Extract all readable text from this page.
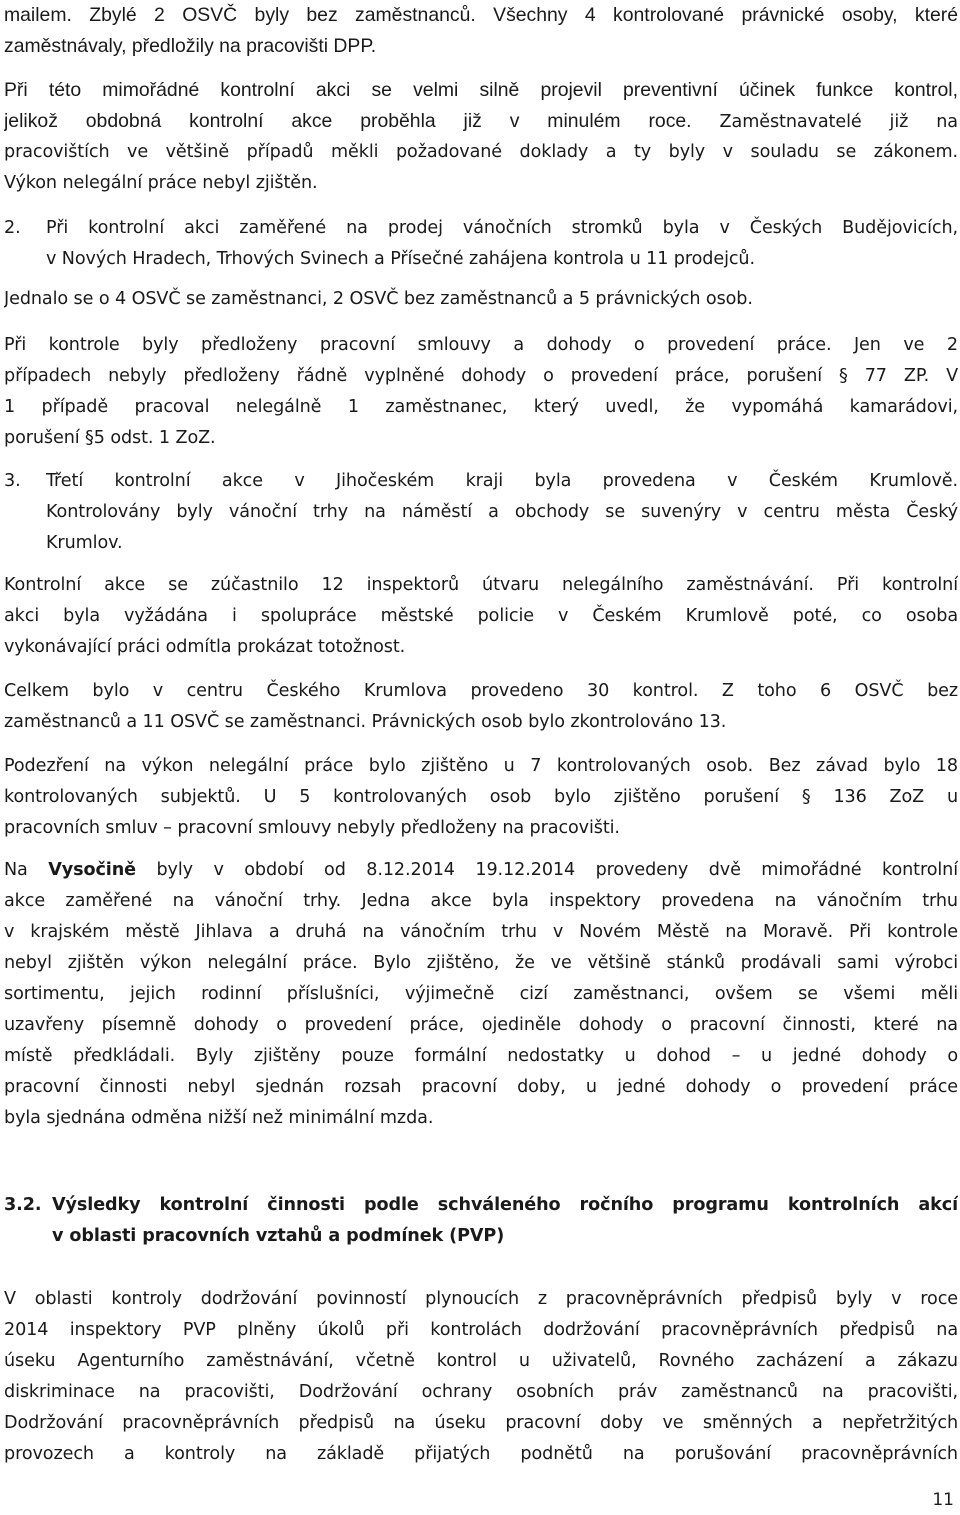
mailem. Zbylé 2 OSVČ byly bez zaměstnanců. Všechny 4 kontrolované právnické osoby, které
zaměstnávaly, předložily na pracovišti DPP.
Při této mimořádné kontrolní akci se velmi silně projevil preventivní účinek funkce kontrol,
jelikož obdobná kontrolní akce proběhla již v minulém roce. Zaměstnavatelé již na
pracovištích ve většině případů měkli požadované doklady a ty byly v souladu se zákonem.
Výkon nelegální práce nebyl zjištěn.
2. Při kontrolní akci zaměřené na prodej vánočních stromků byla v Českých Budějovicích,
v Nových Hradech, Trhových Svinech a Přísečné zahájena kontrola u 11 prodejců.
Jednalo se o 4 OSVČ se zaměstnanci, 2 OSVČ bez zaměstnanců a 5 právnických osob.
Při kontrole byly předloženy pracovní smlouvy a dohody o provedení práce. Jen ve 2
případech nebyly předloženy řádně vyplněné dohody o provedení práce, porušení § 77 ZP. V
1 případě pracoval nelegálně 1 zaměstnanec, který uvedl, že vypomáhá kamarádovi,
porušení §5 odst. 1 ZoZ.
3. Třetí kontrolní akce v Jihočeském kraji byla provedena v Českém Krumlově.
Kontrolovány byly vánoční trhy na náměstí a obchody se suvenýry v centru města Český
Krumlov.
Kontrolní akce se zúčastnilo 12 inspektorů útvaru nelegálního zaměstnávání. Při kontrolní
akci byla vyžádána i spolupráce městské policie v Českém Krumlově poté, co osoba
vykonávající práci odmítla prokázat totožnost.
Celkem bylo v centru Českého Krumlova provedeno 30 kontrol. Z toho 6 OSVČ bez
zaměstnanců a 11 OSVČ se zaměstnanci. Právnických osob bylo zkontrolováno 13.
Podezření na výkon nelegální práce bylo zjištěno u 7 kontrolovaných osob. Bez závad bylo 18
kontrolovaných subjektů. U 5 kontrolovaných osob bylo zjištěno porušení § 136 ZoZ u
pracovních smluv – pracovní smlouvy nebyly předloženy na pracovišti.
Na Vysočině byly v období od 8.12.2014 19.12.2014 provedeny dvě mimořádné kontrolní
akce zaměřené na vánoční trhy. Jedna akce byla inspektory provedena na vánočním trhu
v krajském městě Jihlava a druhá na vánočním trhu v Novém Městě na Moravě. Při kontrole
nebyl zjištěn výkon nelegální práce. Bylo zjištěno, že ve většině stánků prodávali sami výrobci
sortimentu, jejich rodinní příslušníci, výjimečně cizí zaměstnanci, ovšem se všemi měli
uzavřeny písemně dohody o provedení práce, ojediněle dohody o pracovní činnosti, které na
místě předkládali. Byly zjištěny pouze formální nedostatky u dohod – u jedné dohody o
pracovní činnosti nebyl sjednán rozsah pracovní doby, u jedné dohody o provedení práce
byla sjednána odměna nižší než minimální mzda.
3.2. Výsledky kontrolní činnosti podle schváleného ročního programu kontrolních akcí
v oblasti pracovních vztahů a podmínek (PVP)
V oblasti kontroly dodržování povinností plynoucích z pracovněprávních předpisů byly v roce
2014 inspektory PVP plněny úkolů při kontrolách dodržování pracovněprávních předpisů na
úseku Agenturního zaměstnávání, včetně kontrol u uživatelů, Rovného zacházení a zákazu
diskriminace na pracovišti, Dodržování ochrany osobních práv zaměstnanců na pracovišti,
Dodržování pracovněprávních předpisů na úseku pracovní doby ve směnných a nepřetržitých
provozech a kontroly na základě přijatých podnětů na porušování pracovněprávních
11
